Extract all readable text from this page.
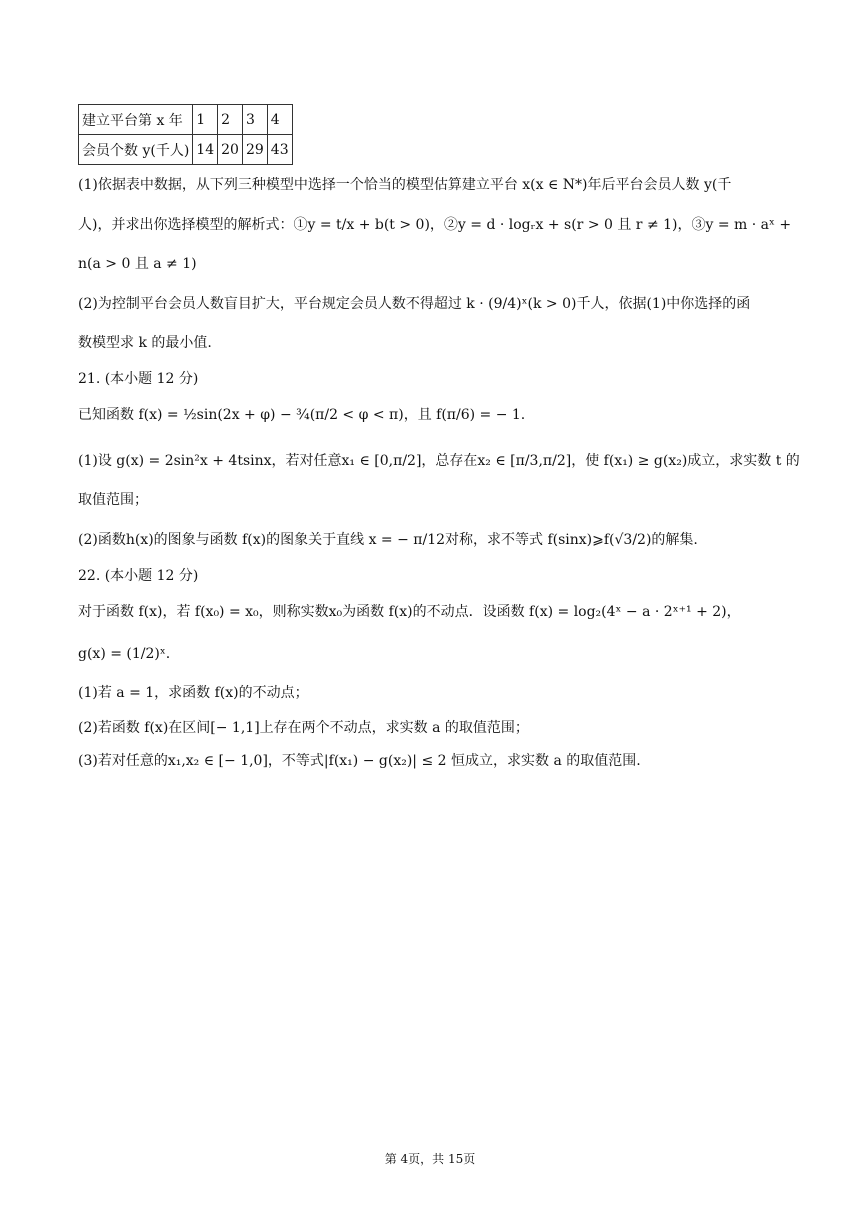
建立平台第 x 年	1	2	3	4
会员个数 y(千人)	14	20	29	43
(1)依据表中数据，从下列三种模型中选择一个恰当的模型估算建立平台 x(x ∈ N*)年后平台会员人数 y(千
人)，并求出你选择模型的解析式：①y = t/x + b(t > 0)，②y = d · logᵣx + s(r > 0 且 r ≠ 1)，③y = m · aˣ +
n(a > 0 且 a ≠ 1)
(2)为控制平台会员人数盲目扩大，平台规定会员人数不得超过 k · (9/4)ˣ(k > 0)千人，依据(1)中你选择的函
数模型求 k 的最小值.
21. (本小题 12 分)
已知函数 f(x) = ½sin(2x + φ) − ¾(π/2 < φ < π)，且 f(π/6) = − 1.
(1)设 g(x) = 2sin²x + 4tsinx，若对任意x₁ ∈ [0,π/2]，总存在x₂ ∈ [π/3,π/2]，使 f(x₁) ≥ g(x₂)成立，求实数 t 的
取值范围；
(2)函数h(x)的图象与函数 f(x)的图象关于直线 x = − π/12对称，求不等式 f(sinx)⩾f(√3/2)的解集.
22. (本小题 12 分)
对于函数 f(x)，若 f(x₀) = x₀，则称实数x₀为函数 f(x)的不动点．设函数 f(x) = log₂(4ˣ − a · 2ˣ⁺¹ + 2)，
g(x) = (1/2)ˣ.
(1)若 a = 1，求函数 f(x)的不动点；
(2)若函数 f(x)在区间[− 1,1]上存在两个不动点，求实数 a 的取值范围；
(3)若对任意的x₁,x₂ ∈ [− 1,0]，不等式|f(x₁) − g(x₂)| ≤ 2 恒成立，求实数 a 的取值范围.
第 4页，共 15页
